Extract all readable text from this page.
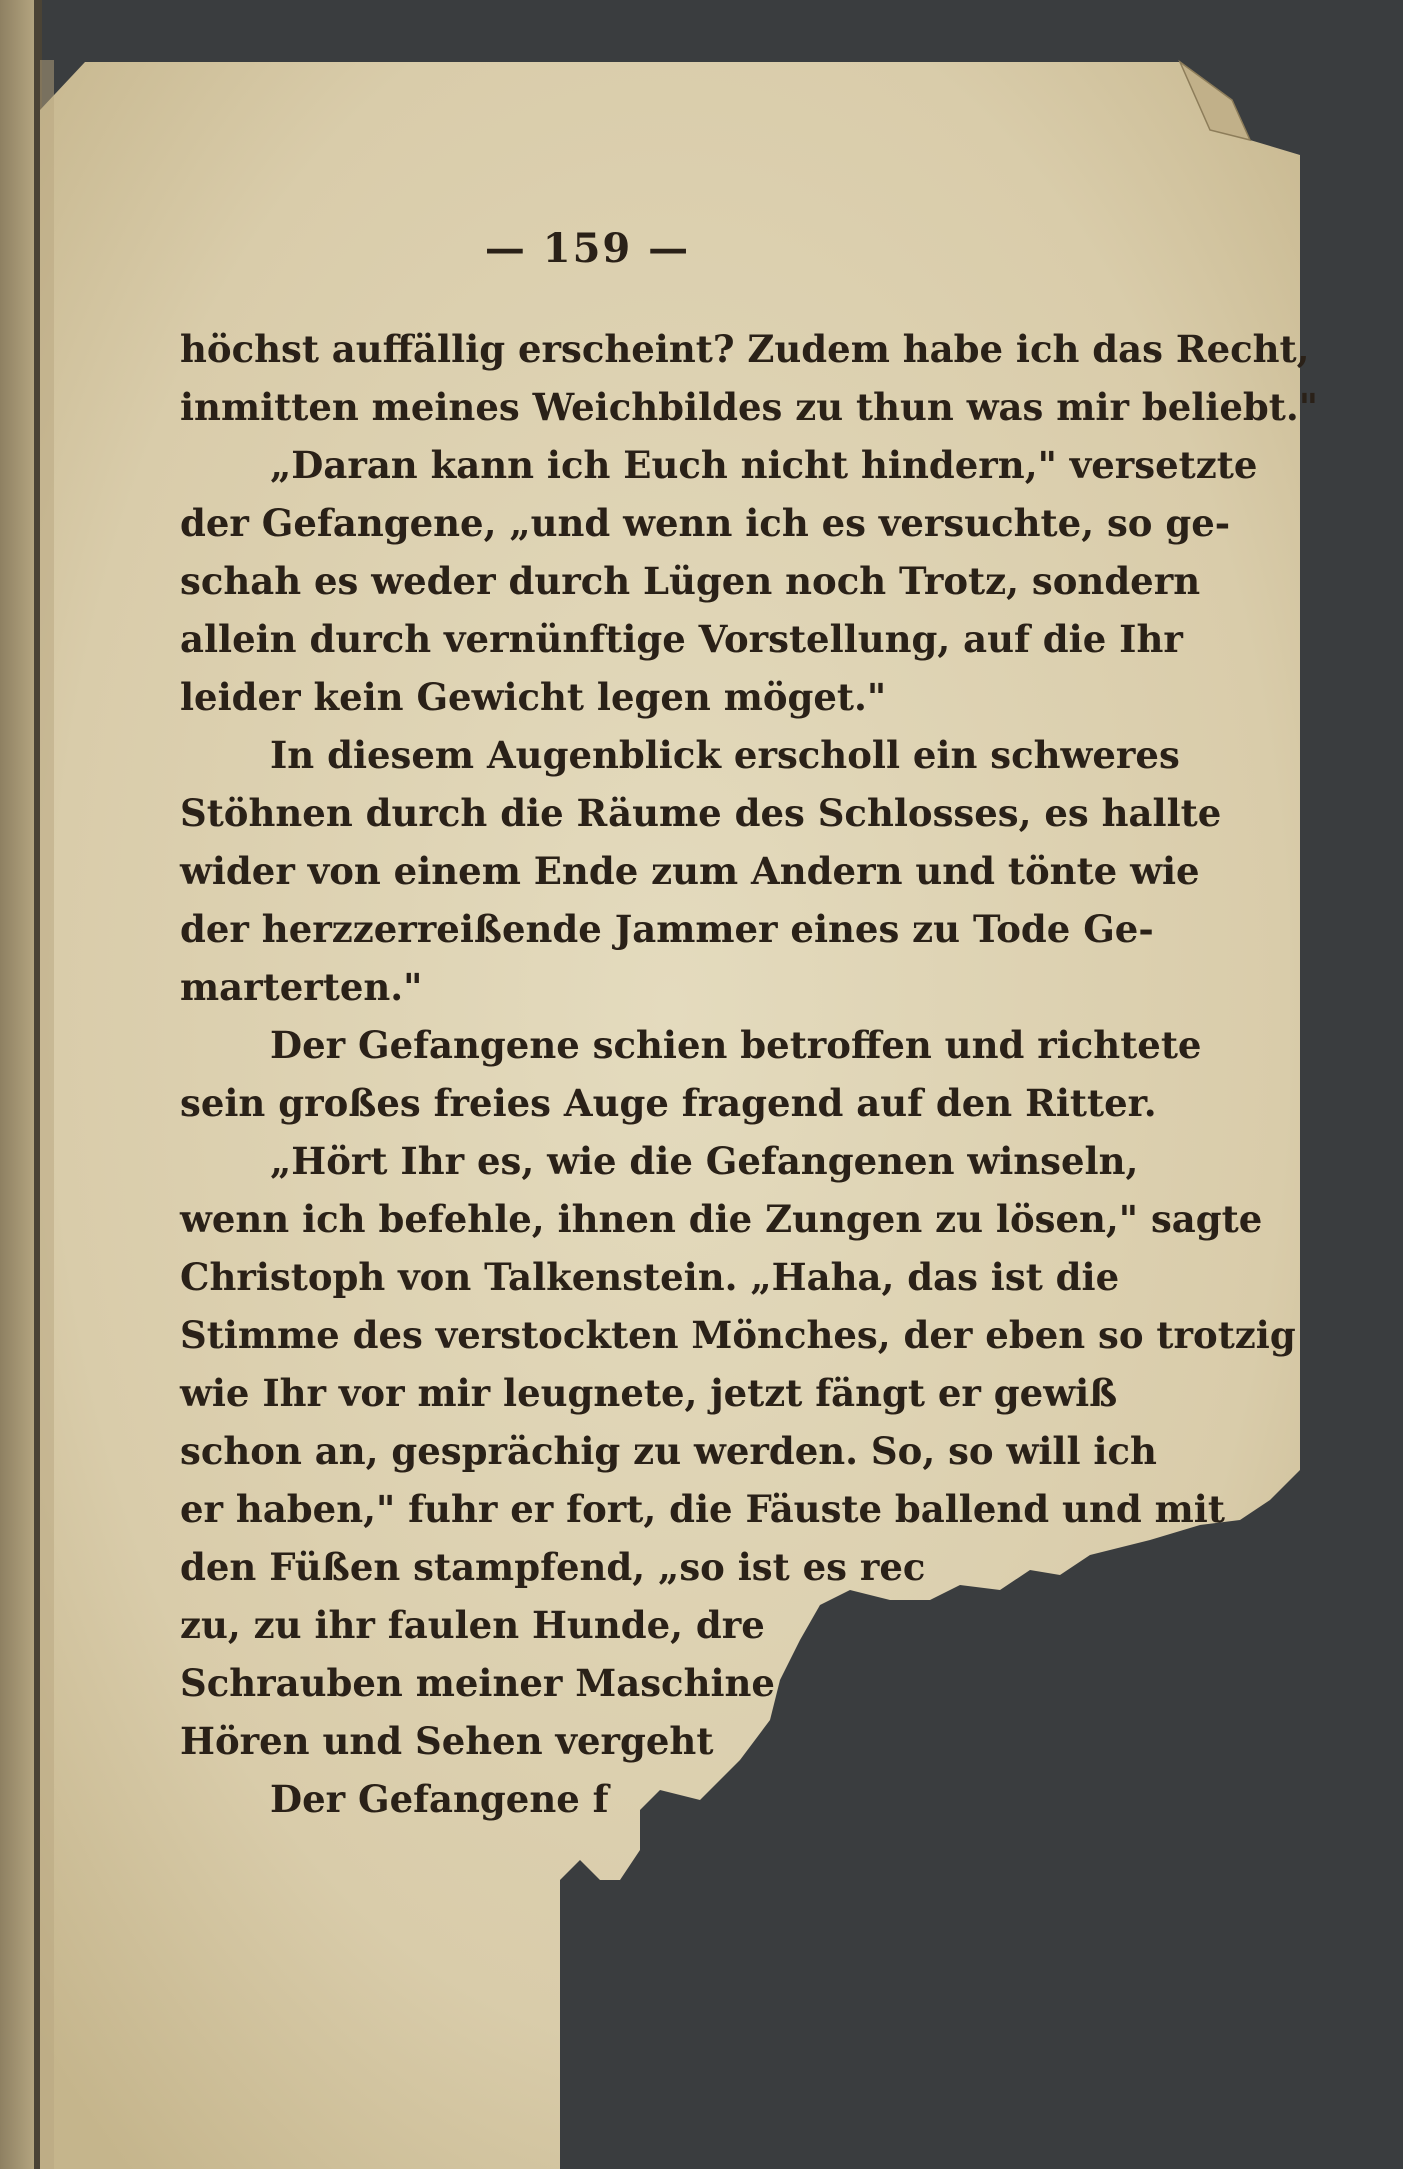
— 159 —
höchst auffällig erscheint? Zudem habe ich das Recht,
inmitten meines Weichbildes zu thun was mir beliebt."
„Daran kann ich Euch nicht hindern," versetzte
der Gefangene, „und wenn ich es versuchte, so ge-
schah es weder durch Lügen noch Trotz, sondern
allein durch vernünftige Vorstellung, auf die Ihr
leider kein Gewicht legen möget."
In diesem Augenblick erscholl ein schweres
Stöhnen durch die Räume des Schlosses, es hallte
wider von einem Ende zum Andern und tönte wie
der herzzerreißende Jammer eines zu Tode Ge-
marterten."
Der Gefangene schien betroffen und richtete
sein großes freies Auge fragend auf den Ritter.
„Hört Ihr es, wie die Gefangenen winseln,
wenn ich befehle, ihnen die Zungen zu lösen," sagte
Christoph von Talkenstein. „Haha, das ist die
Stimme des verstockten Mönches, der eben so trotzig
wie Ihr vor mir leugnete, jetzt fängt er gewiß
schon an, gesprächig zu werden. So, so will ich
er haben," fuhr er fort, die Fäuste ballend und mit
den Füßen stampfend, „so ist es rec
zu, zu ihr faulen Hunde, dre
Schrauben meiner Maschine
Hören und Sehen vergeht
Der Gefangene f
